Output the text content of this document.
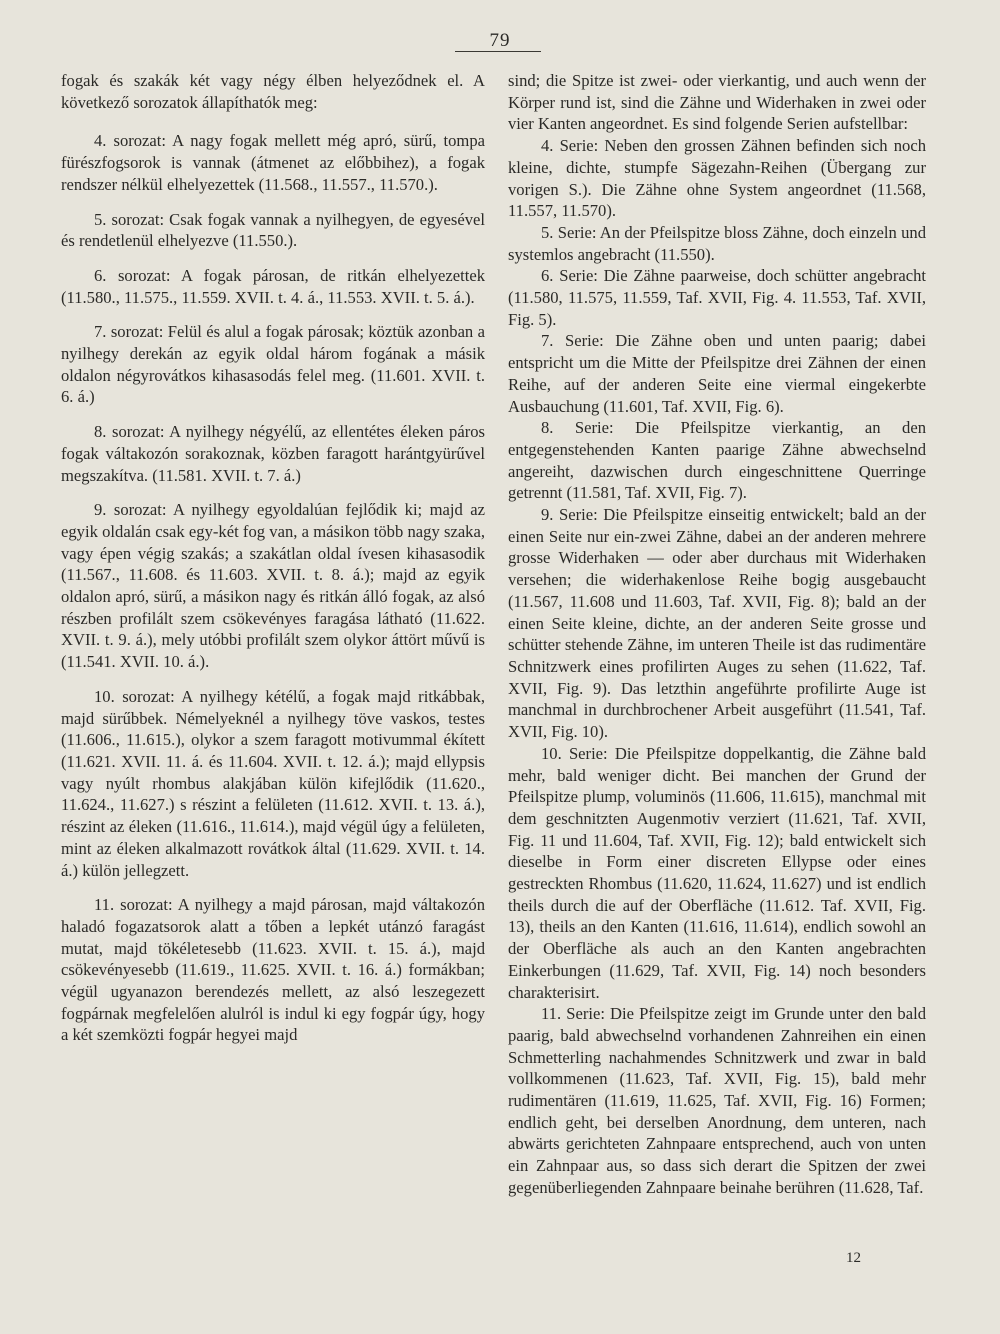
79

fogak és szakák két vagy négy élben helyeződnek el. A következő sorozatok állapíthatók meg:

4. sorozat: A nagy fogak mellett még apró, sürű, tompa fürészfogsorok is vannak (átmenet az előbbihez), a fogak rendszer nélkül elhelyezettek (11.568., 11.557., 11.570.).

5. sorozat: Csak fogak vannak a nyilhegyen, de egyesével és rendetlenül elhelyezve (11.550.).

6. sorozat: A fogak párosan, de ritkán elhelyezettek (11.580., 11.575., 11.559. XVII. t. 4. á., 11.553. XVII. t. 5. á.).

7. sorozat: Felül és alul a fogak párosak; köztük azonban a nyilhegy derekán az egyik oldal három fogának a másik oldalon négyrovátkos kihasasodás felel meg. (11.601. XVII. t. 6. á.)

8. sorozat: A nyilhegy négyélű, az ellentétes éleken páros fogak váltakozón sorakoznak, közben faragott harántgyürűvel megszakítva. (11.581. XVII. t. 7. á.)

9. sorozat: A nyilhegy egyoldalúan fejlődik ki; majd az egyik oldalán csak egy-két fog van, a másikon több nagy szaka, vagy épen végig szakás; a szakátlan oldal ívesen kihasasodik (11.567., 11.608. és 11.603. XVII. t. 8. á.); majd az egyik oldalon apró, sürű, a másikon nagy és ritkán álló fogak, az alsó részben profilált szem csökevényes faragása látható (11.622. XVII. t. 9. á.), mely utóbbi profilált szem olykor áttört művű is (11.541. XVII. 10. á.).

10. sorozat: A nyilhegy kétélű, a fogak majd ritkábbak, majd sürűbbek. Némelyeknél a nyilhegy töve vaskos, testes (11.606., 11.615.), olykor a szem faragott motivummal ékített (11.621. XVII. 11. á. és 11.604. XVII. t. 12. á.); majd ellypsis vagy nyúlt rhombus alakjában külön kifejlődik (11.620., 11.624., 11.627.) s részint a felületen (11.612. XVII. t. 13. á.), részint az éleken (11.616., 11.614.), majd végül úgy a felületen, mint az éleken alkalmazott rovátkok által (11.629. XVII. t. 14. á.) külön jellegzett.

11. sorozat: A nyilhegy a majd párosan, majd váltakozón haladó fogazatsorok alatt a tőben a lepkét utánzó faragást mutat, majd tökéletesebb (11.623. XVII. t. 15. á.), majd csökevényesebb (11.619., 11.625. XVII. t. 16. á.) formákban; végül ugyanazon berendezés mellett, az alsó leszegezett fogpárnak megfelelően alulról is indul ki egy fogpár úgy, hogy a két szemközti fogpár hegyei majd

sind; die Spitze ist zwei- oder vierkantig, und auch wenn der Körper rund ist, sind die Zähne und Widerhaken in zwei oder vier Kanten angeordnet. Es sind folgende Serien aufstellbar:

4. Serie: Neben den grossen Zähnen befinden sich noch kleine, dichte, stumpfe Sägezahn-Reihen (Übergang zur vorigen S.). Die Zähne ohne System angeordnet (11.568, 11.557, 11.570).

5. Serie: An der Pfeilspitze bloss Zähne, doch einzeln und systemlos angebracht (11.550).

6. Serie: Die Zähne paarweise, doch schütter angebracht (11.580, 11.575, 11.559, Taf. XVII, Fig. 4. 11.553, Taf. XVII, Fig. 5).

7. Serie: Die Zähne oben und unten paarig; dabei entspricht um die Mitte der Pfeilspitze drei Zähnen der einen Reihe, auf der anderen Seite eine viermal eingekerbte Ausbauchung (11.601, Taf. XVII, Fig. 6).

8. Serie: Die Pfeilspitze vierkantig, an den entgegenstehenden Kanten paarige Zähne abwechselnd angereiht, dazwischen durch eingeschnittene Querringe getrennt (11.581, Taf. XVII, Fig. 7).

9. Serie: Die Pfeilspitze einseitig entwickelt; bald an der einen Seite nur ein-zwei Zähne, dabei an der anderen mehrere grosse Widerhaken — oder aber durchaus mit Widerhaken versehen; die widerhakenlose Reihe bogig ausgebaucht (11.567, 11.608 und 11.603, Taf. XVII, Fig. 8); bald an der einen Seite kleine, dichte, an der anderen Seite grosse und schütter stehende Zähne, im unteren Theile ist das rudimentäre Schnitzwerk eines profilirten Auges zu sehen (11.622, Taf. XVII, Fig. 9). Das letzthin angeführte profilirte Auge ist manchmal in durchbrochener Arbeit ausgeführt (11.541, Taf. XVII, Fig. 10).

10. Serie: Die Pfeilspitze doppelkantig, die Zähne bald mehr, bald weniger dicht. Bei manchen der Grund der Pfeilspitze plump, voluminös (11.606, 11.615), manchmal mit dem geschnitzten Augenmotiv verziert (11.621, Taf. XVII, Fig. 11 und 11.604, Taf. XVII, Fig. 12); bald entwickelt sich dieselbe in Form einer discreten Ellypse oder eines gestreckten Rhombus (11.620, 11.624, 11.627) und ist endlich theils durch die auf der Oberfläche (11.612. Taf. XVII, Fig. 13), theils an den Kanten (11.616, 11.614), endlich sowohl an der Oberfläche als auch an den Kanten angebrachten Einkerbungen (11.629, Taf. XVII, Fig. 14) noch besonders charakterisirt.

11. Serie: Die Pfeilspitze zeigt im Grunde unter den bald paarig, bald abwechselnd vorhandenen Zahnreihen ein einen Schmetterling nachahmendes Schnitzwerk und zwar in bald vollkommenen (11.623, Taf. XVII, Fig. 15), bald mehr rudimentären (11.619, 11.625, Taf. XVII, Fig. 16) Formen; endlich geht, bei derselben Anordnung, dem unteren, nach abwärts gerichteten Zahnpaare entsprechend, auch von unten ein Zahnpaar aus, so dass sich derart die Spitzen der zwei gegenüberliegenden Zahnpaare beinahe berühren (11.628, Taf.

12
